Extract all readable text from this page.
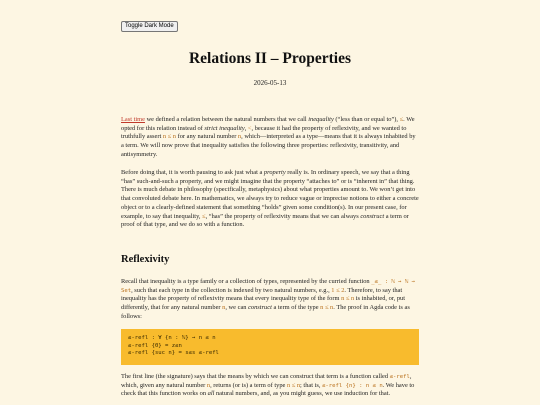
Toggle Dark Mode
Relations II – Properties
2026-05-13

Last time we defined a relation between the natural numbers that we call inequality (“less than or equal to”), ≤. We opted for this relation instead of strict inequality, <, because it had the property of reflexivity, and we wanted to truthfully assert n ≤ n for any natural number n, which—interpreted as a type—means that it is always inhabited by a term. We will now prove that inequality satisfies the following three properties: reflexivity, transitivity, and antisymmetry.

Before doing that, it is worth pausing to ask just what a property really is. In ordinary speech, we say that a thing “has” such-and-such a property, and we might imagine that the property “attaches to” or is “inherent in” that thing. There is much debate in philosophy (specifically, metaphysics) about what properties amount to. We won’t get into that convoluted debate here. In mathematics, we always try to reduce vague or imprecise notions to either a concrete object or to a clearly-defined statement that something “holds” given some condition(s). In our present case, for example, to say that inequality, ≤, “has” the property of reflexivity means that we can always construct a term or proof of that type, and we do so with a function.

Reflexivity

Recall that inequality is a type family or a collection of types, represented by the curried function _≤_ : ℕ → ℕ → Set, such that each type in the collection is indexed by two natural numbers, e.g., 1 ≤ 2. Therefore, to say that inequality has the property of reflexivity means that every inequality type of the form n ≤ n is inhabited, or, put differently, that for any natural number n, we can construct a term of the type n ≤ n. The proof in Agda code is as follows:

≤-refl : ∀ {n : ℕ} → n ≤ n
≤-refl {0} = z≤n
≤-refl {suc n} = s≤s ≤-refl

The first line (the signature) says that the means by which we can construct that term is a function called ≤-refl, which, given any natural number n, returns (or is) a term of type n ≤ n; that is, ≤-refl {n} : n ≤ n. We have to check that this function works on all natural numbers, and, as you might guess, we use induction for that.
